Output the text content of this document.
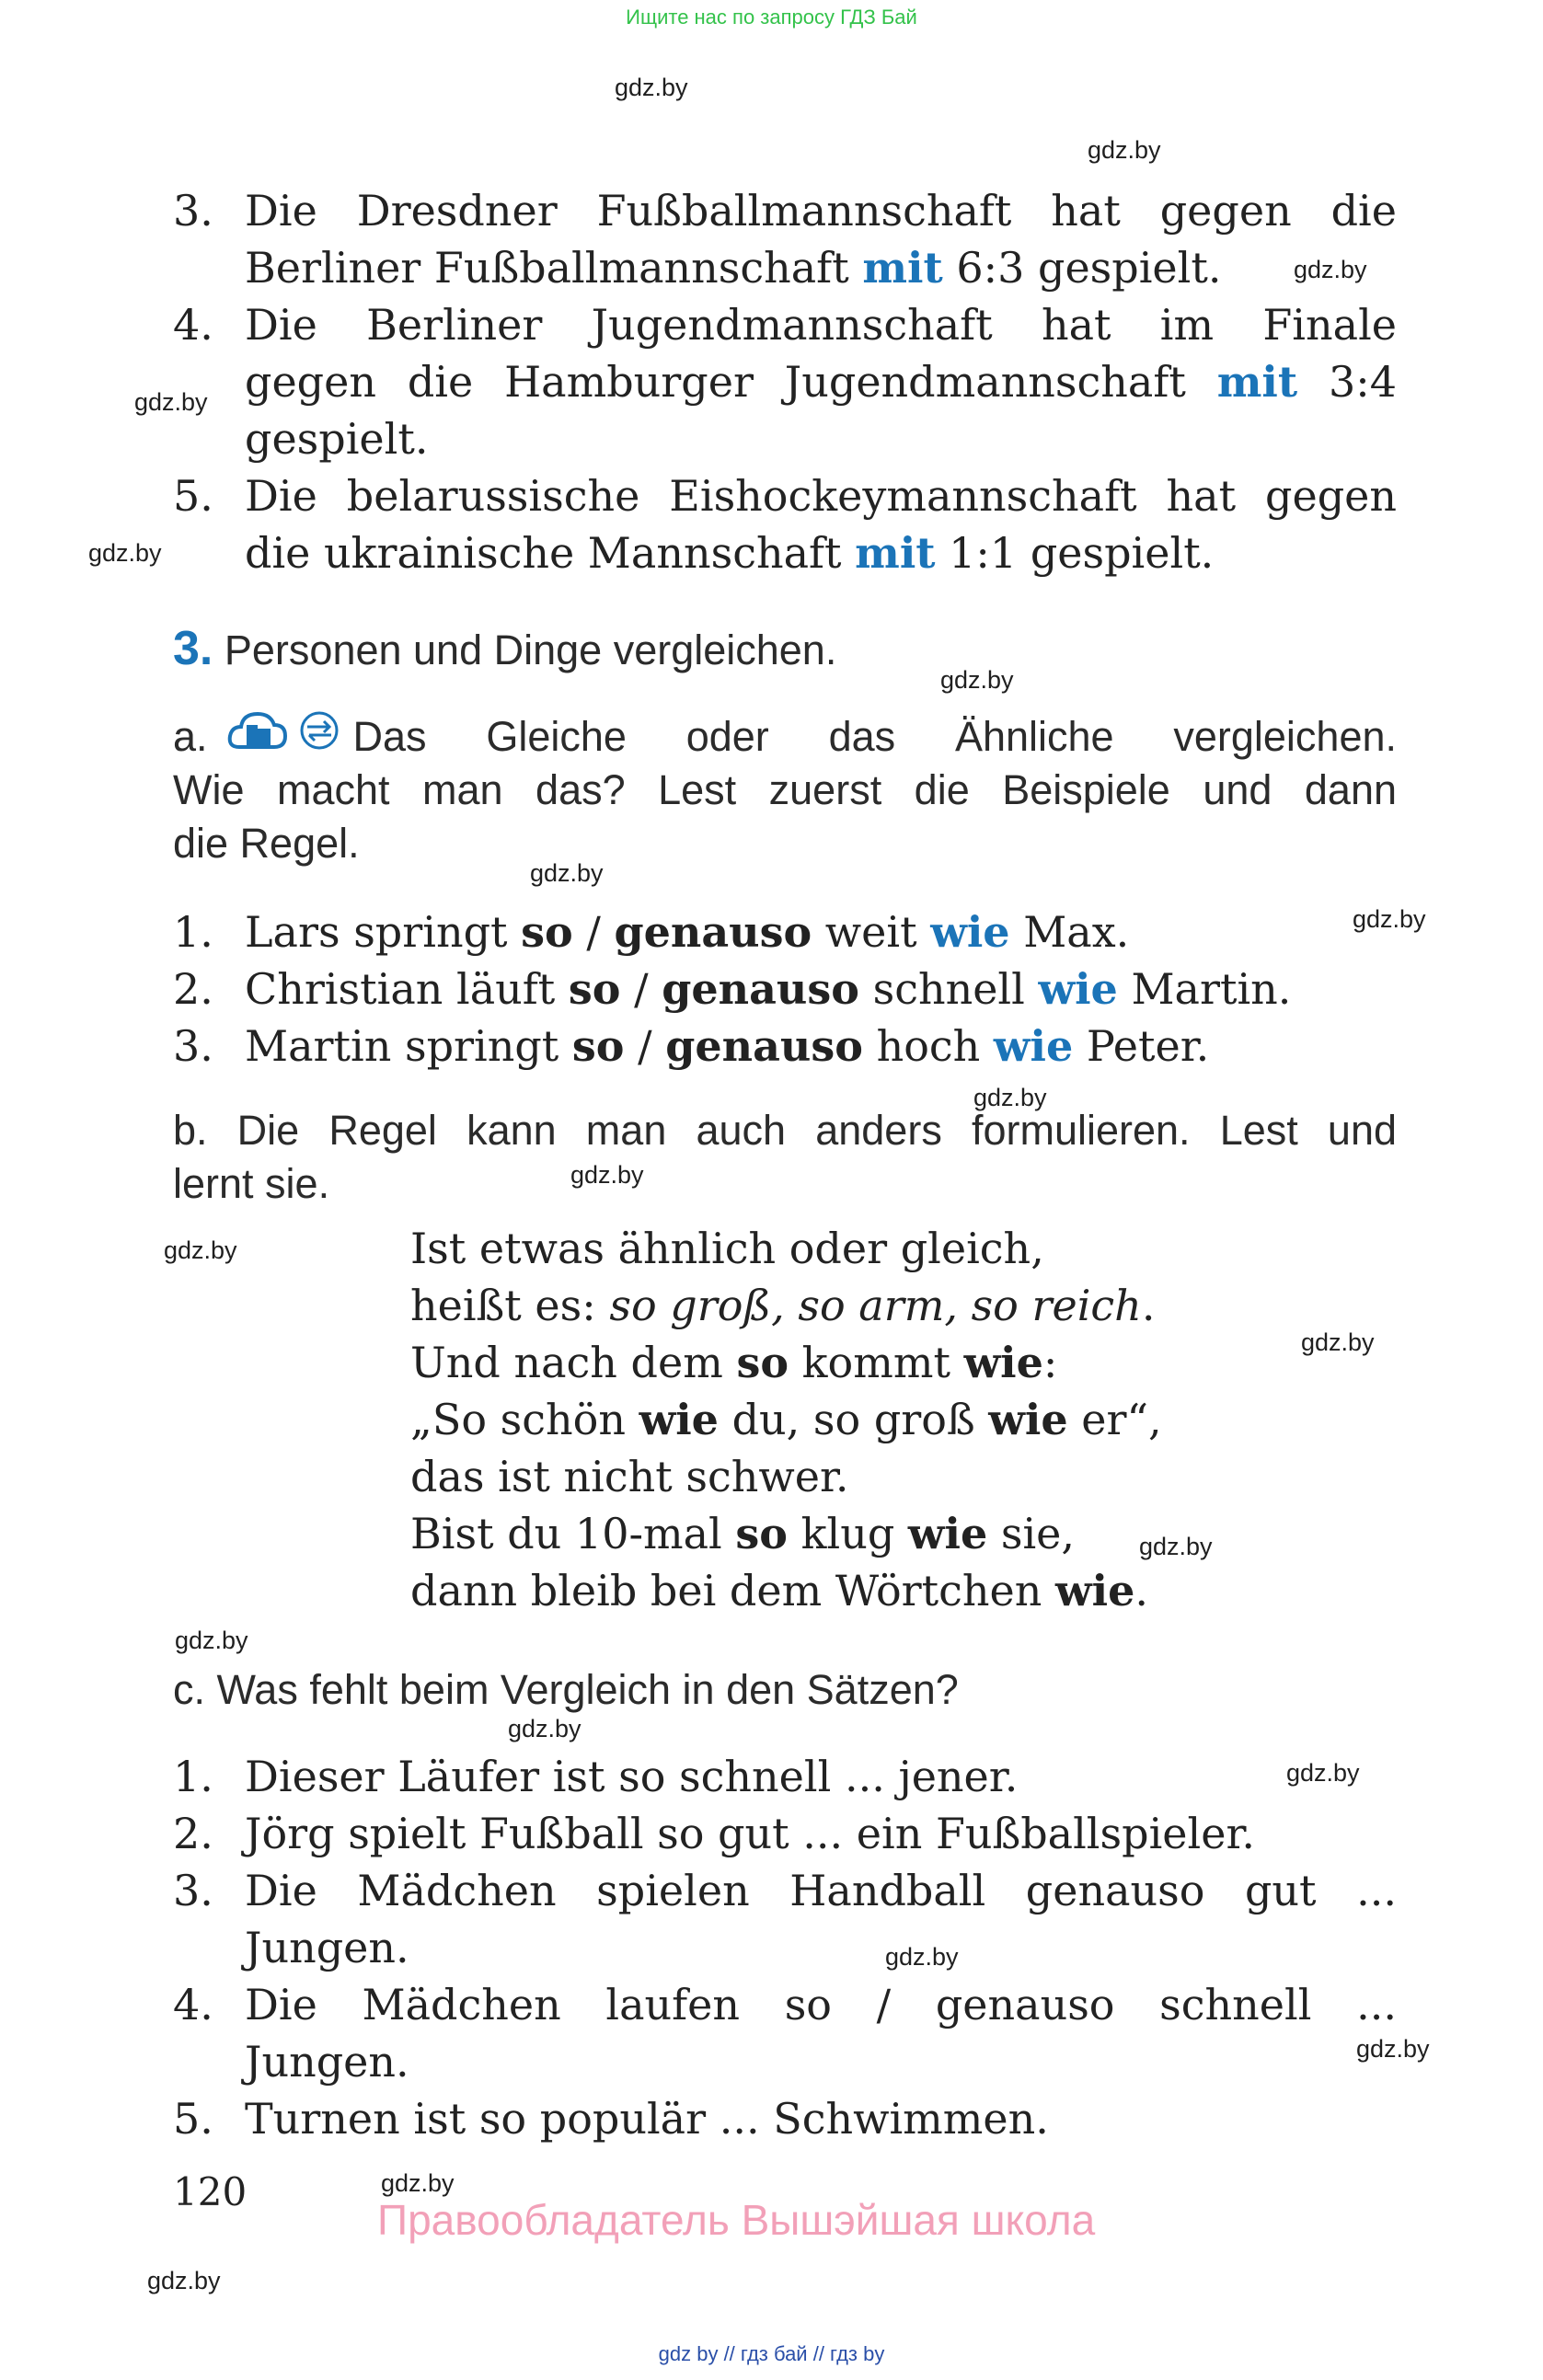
Ищите нас по запросу ГДЗ Бай
gdz.by
gdz.by
gdz.by
gdz.by
gdz.by
gdz.by
gdz.by
gdz.by
gdz.by
gdz.by
gdz.by
gdz.by
gdz.by
gdz.by
gdz.by
gdz.by
gdz.by
gdz.by
gdz.by
gdz.by
3. Die Dresdner Fußballmannschaft hat gegen die
Berliner Fußballmannschaft mit 6:3 gespielt.
4. Die Berliner Jugendmannschaft hat im Finale
gegen die Hamburger Jugendmannschaft mit 3:4
gespielt.
5. Die belarussische Eishockeymannschaft hat gegen
die ukrainische Mannschaft mit 1:1 gespielt.
3. Personen und Dinge vergleichen.
a.	Das Gleiche oder das Ähnliche vergleichen.
Wie macht man das? Lest zuerst die Beispiele und dann
die Regel.
1. Lars springt so / genauso weit wie Max.
2. Christian läuft so / genauso schnell wie Martin.
3. Martin springt so / genauso hoch wie Peter.
b. Die Regel kann man auch anders formulieren. Lest und
lernt sie.
Ist etwas ähnlich oder gleich,
heißt es: so groß, so arm, so reich.
Und nach dem so kommt wie:
„So schön wie du, so groß wie er“,
das ist nicht schwer.
Bist du 10-mal so klug wie sie,
dann bleib bei dem Wörtchen wie.
c. Was fehlt beim Vergleich in den Sätzen?
1. Dieser Läufer ist so schnell ... jener.
2. Jörg spielt Fußball so gut ... ein Fußballspieler.
3. Die Mädchen spielen Handball genauso gut ...
Jungen.
4. Die Mädchen laufen so / genauso schnell ...
Jungen.
5. Turnen ist so populär ... Schwimmen.
120
Правообладатель Вышэйшая школа
gdz by // гдз бай // гдз by
